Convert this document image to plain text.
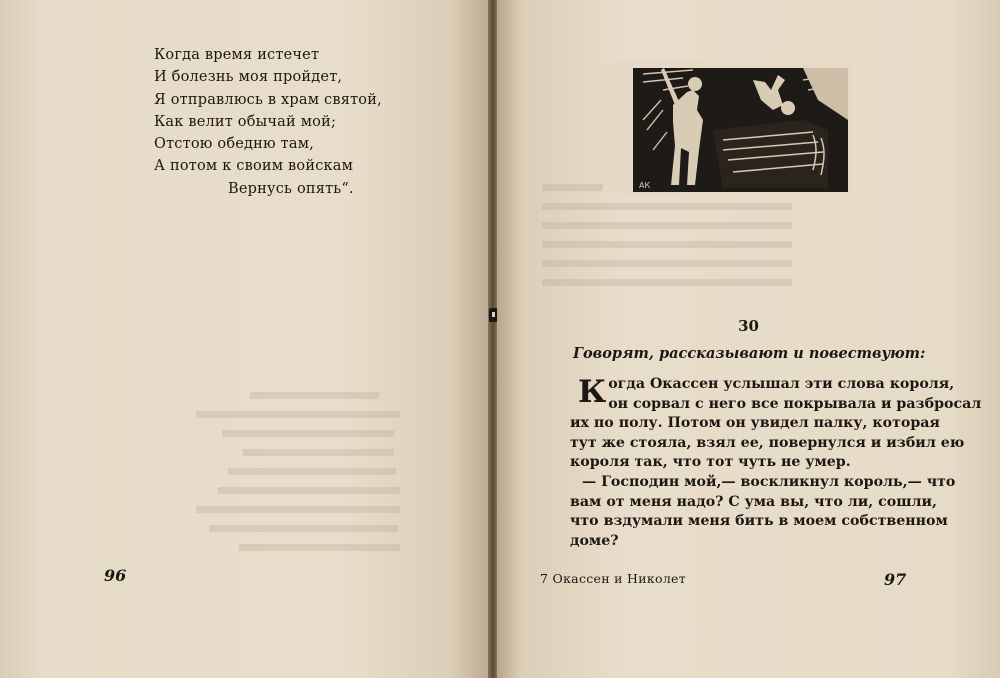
Когда время истечет
И болезнь моя пройдет,
Я отправлюсь в храм святой,
Как велит обычай мой;
Отстою обедню там,
А потом к своим войскам
Вернусь опять“.
96
30
АК
Говорят, рассказывают и повествуют:

К огда Окассен услышал эти слова короля,
он сорвал с него все покрывала и разбросал
их по полу. Потом он увидел палку, которая
тут же стояла, взял ее, повернулся и избил ею
короля так, что тот чуть не умер.

— Господин мой,— воскликнул король,— что
вам от меня надо? С ума вы, что ли, сошли,
что вздумали меня бить в моем собственном
доме?

7 Окассен и Николет	97
